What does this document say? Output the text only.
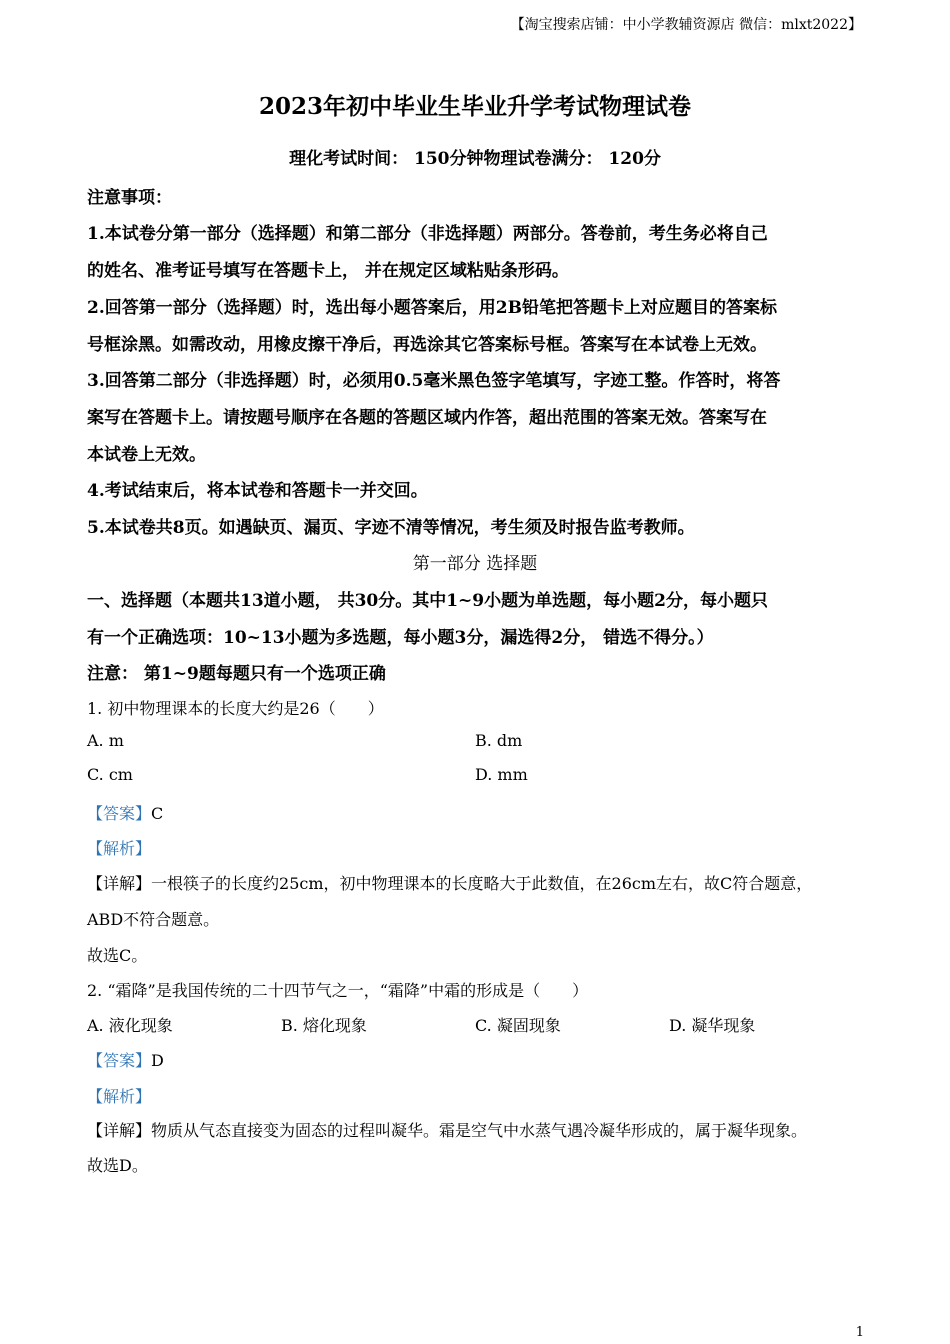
【淘宝搜索店铺：中小学教辅资源店 微信：mlxt2022】
2023年初中毕业生毕业升学考试物理试卷
理化考试时间： 150分钟物理试卷满分： 120分
注意事项：
1.本试卷分第一部分（选择题）和第二部分（非选择题）两部分。答卷前，考生务必将自己
的姓名、准考证号填写在答题卡上， 并在规定区域粘贴条形码。
2.回答第一部分（选择题）时，选出每小题答案后，用2B铅笔把答题卡上对应题目的答案标
号框涂黑。如需改动，用橡皮擦干净后，再选涂其它答案标号框。答案写在本试卷上无效。
3.回答第二部分（非选择题）时，必须用0.5毫米黑色签字笔填写，字迹工整。作答时，将答
案写在答题卡上。请按题号顺序在各题的答题区域内作答，超出范围的答案无效。答案写在
本试卷上无效。
4.考试结束后，将本试卷和答题卡一并交回。
5.本试卷共8页。如遇缺页、漏页、字迹不清等情况，考生须及时报告监考教师。
第一部分 选择题
一、选择题（本题共13道小题， 共30分。其中1~9小题为单选题，每小题2分，每小题只
有一个正确选项：10~13小题为多选题，每小题3分，漏选得2分， 错选不得分。）
注意： 第1~9题每题只有一个选项正确
1. 初中物理课本的长度大约是26（　　）
A. m	B. dm
C. cm	D. mm
【答案】C
【解析】
【详解】一根筷子的长度约25cm，初中物理课本的长度略大于此数值，在26cm左右，故C符合题意，
ABD不符合题意。
故选C。
2. “霜降”是我国传统的二十四节气之一，“霜降”中霜的形成是（　　）
A. 液化现象	B. 熔化现象	C. 凝固现象	D. 凝华现象
【答案】D
【解析】
【详解】物质从气态直接变为固态的过程叫凝华。霜是空气中水蒸气遇冷凝华形成的，属于凝华现象。
故选D。
1
